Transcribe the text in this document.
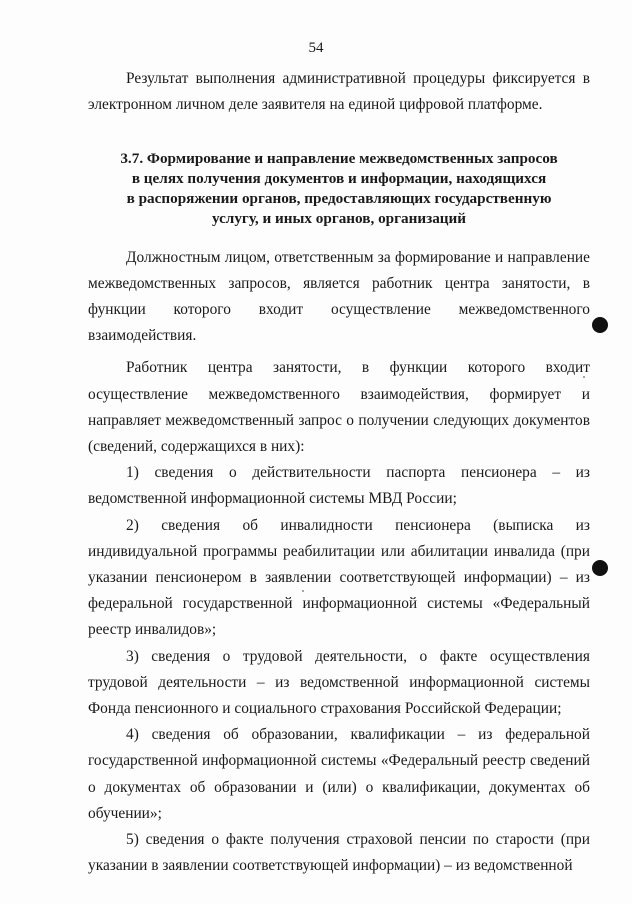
54

Результат выполнения административной процедуры фиксируется в электронном личном деле заявителя на единой цифровой платформе.

3.7. Формирование и направление межведомственных запросов
в целях получения документов и информации, находящихся
в распоряжении органов, предоставляющих государственную
услугу, и иных органов, организаций

Должностным лицом, ответственным за формирование и направление межведомственных запросов, является работник центра занятости, в функции которого входит осуществление межведомственного взаимодействия.

Работник центра занятости, в функции которого входит осуществление межведомственного взаимодействия, формирует и направляет межведомственный запрос о получении следующих документов (сведений, содержащихся в них):

1) сведения о действительности паспорта пенсионера – из ведомственной информационной системы МВД России;

2) сведения об инвалидности пенсионера (выписка из индивидуальной программы реабилитации или абилитации инвалида (при указании пенсионером в заявлении соответствующей информации) – из федеральной государственной информационной системы «Федеральный реестр инвалидов»;

3) сведения о трудовой деятельности, о факте осуществления трудовой деятельности – из ведомственной информационной системы Фонда пенсионного и социального страхования Российской Федерации;

4) сведения об образовании, квалификации – из федеральной государственной информационной системы «Федеральный реестр сведений о документах об образовании и (или) о квалификации, документах об обучении»;

5) сведения о факте получения страховой пенсии по старости (при указании в заявлении соответствующей информации) – из ведомственной
